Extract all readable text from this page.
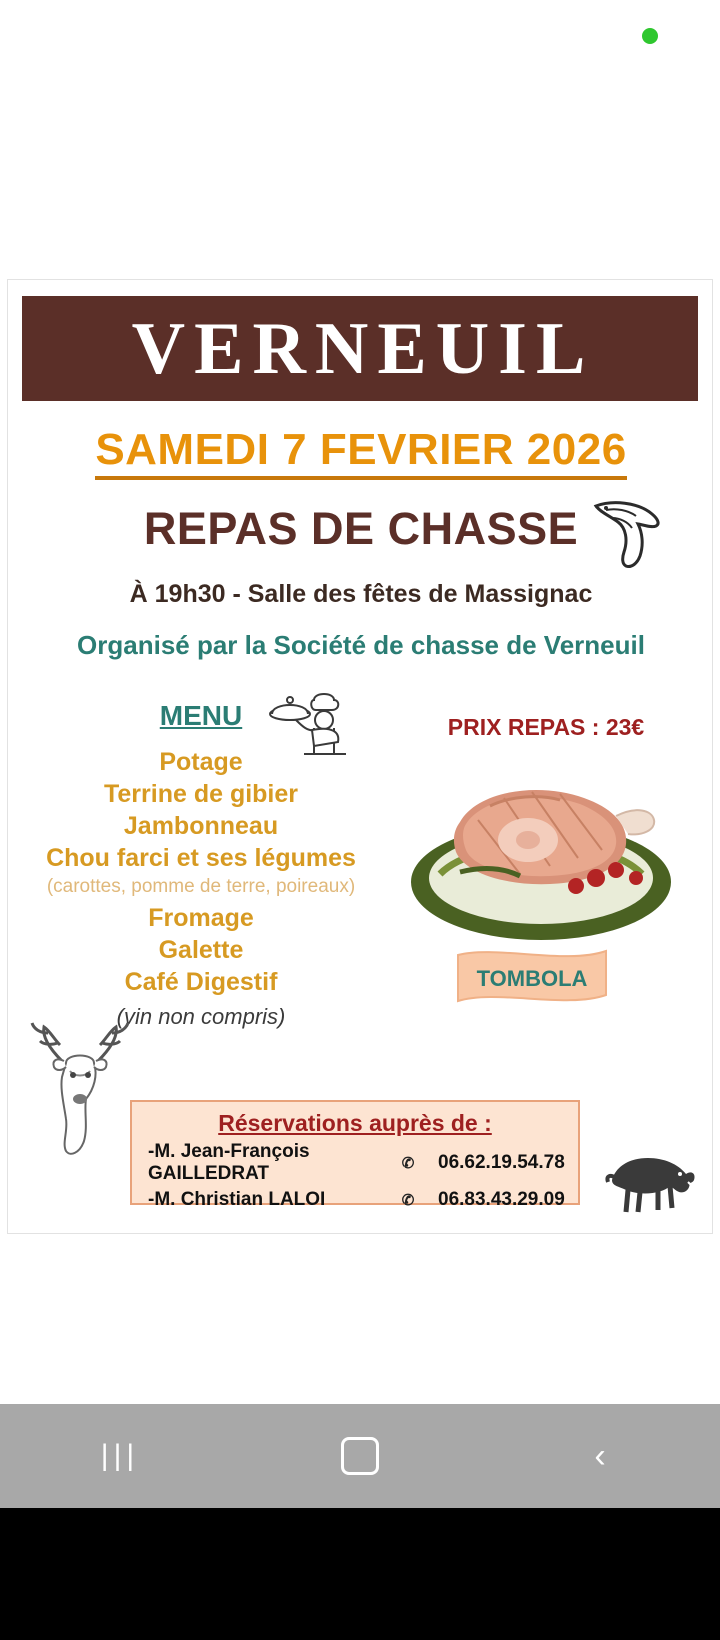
VERNEUIL
SAMEDI 7 FEVRIER 2026
REPAS DE CHASSE
À 19h30 - Salle des fêtes de Massignac
Organisé par la Société de chasse de Verneuil
MENU
Potage
Terrine de gibier
Jambonneau
Chou farci et ses légumes
(carottes, pomme de terre, poireaux)
Fromage
Galette
Café Digestif
(vin non compris)
PRIX REPAS : 23€
TOMBOLA
Réservations auprès de :
-M. Jean-François GAILLEDRAT	✆ 06.62.19.54.78
-M. Christian LALOI	✆ 06.83.43.29.09
|||	‹
